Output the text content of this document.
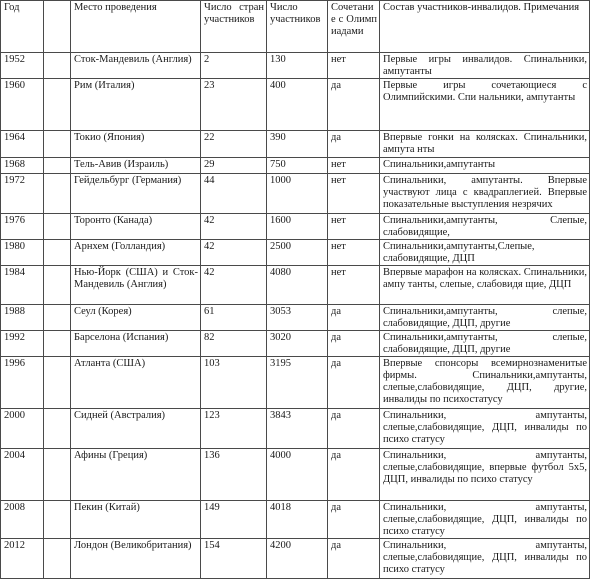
Год		Место проведения	Число стран участников	Число участников	Сочетание с Олимпиадами	Состав участников-инвалидов. Примечания
1952		Сток-Мандевиль (Англия)	2	130	нет	Первые игры инвалидов. Спинальники, ампутанты
1960		Рим (Италия)	23	400	да	Первые игры сочетающиеся с Олимпийскими. Спи нальники, ампутанты
1964		Токио (Япония)	22	390	да	Впервые гонки на колясках. Спинальники, ампута нты
1968		Тель-Авив (Израиль)	29	750	нет	Спинальники,ампутанты
1972		Гейдельбург (Германия)	44	1000	нет	Спинальники, ампутанты. Впервые участвуют лица с квадраплегией. Впервые показательные выступления незрячих
1976		Торонто (Канада)	42	1600	нет	Спинальники,ампутанты, Слепые, слабовидящие,
1980		Арнхем (Голландия)	42	2500	нет	Спинальники,ампутанты,Слепые, слабовидящие, ДЦП
1984		Нью-Йорк (США) и Сток-Мандевиль (Англия)	42	4080	нет	Впервые марафон на колясках. Спинальники, ампу танты, слепые, слабовидя щие, ДЦП
1988		Сеул (Корея)	61	3053	да	Спинальники,ампутанты, слепые, слабовидящие, ДЦП, другие
1992		Барселона (Испания)	82	3020	да	Спинальники,ампутанты, слепые, слабовидящие, ДЦП, другие
1996		Атланта (США)	103	3195	да	Впервые спонсоры всемирнознаменитые фирмы. Спинальники,ампутанты, слепые,слабовидящие, ДЦП, другие, инвалиды по психостатусу
2000		Сидней (Австралия)	123	3843	да	Спинальники, ампутанты, слепые,слабовидящие, ДЦП, инвалиды по психо статусу
2004		Афины (Греция)	136	4000	да	Спинальники, ампутанты, слепые,слабовидящие, впервые футбол 5х5, ДЦП, инвалиды по психо статусу
2008		Пекин (Китай)	149	4018	да	Спинальники, ампутанты, слепые,слабовидящие, ДЦП, инвалиды по психо статусу
2012		Лондон (Великобритания)	154	4200	да	Спинальники, ампутанты, слепые,слабовидящие, ДЦП, инвалиды по психо статусу
